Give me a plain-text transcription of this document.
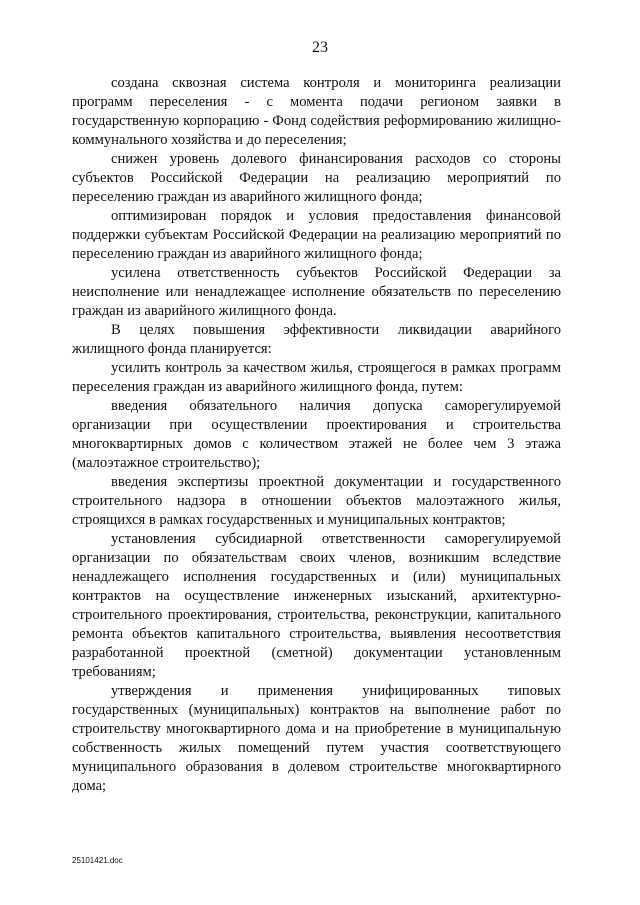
23

создана сквозная система контроля и мониторинга реализации программ переселения - с момента подачи регионом заявки в государственную корпорацию - Фонд содействия реформированию жилищно-коммунального хозяйства и до переселения;

снижен уровень долевого финансирования расходов со стороны субъектов Российской Федерации на реализацию мероприятий по переселению граждан из аварийного жилищного фонда;

оптимизирован порядок и условия предоставления финансовой поддержки субъектам Российской Федерации на реализацию мероприятий по переселению граждан из аварийного жилищного фонда;

усилена ответственность субъектов Российской Федерации за неисполнение или ненадлежащее исполнение обязательств по переселению граждан из аварийного жилищного фонда.

В целях повышения эффективности ликвидации аварийного жилищного фонда планируется:

усилить контроль за качеством жилья, строящегося в рамках программ переселения граждан из аварийного жилищного фонда, путем:

введения обязательного наличия допуска саморегулируемой организации при осуществлении проектирования и строительства многоквартирных домов с количеством этажей не более чем 3 этажа (малоэтажное строительство);

введения экспертизы проектной документации и государственного строительного надзора в отношении объектов малоэтажного жилья, строящихся в рамках государственных и муниципальных контрактов;

установления субсидиарной ответственности саморегулируемой организации по обязательствам своих членов, возникшим вследствие ненадлежащего исполнения государственных и (или) муниципальных контрактов на осуществление инженерных изысканий, архитектурно-строительного проектирования, строительства, реконструкции, капитального ремонта объектов капитального строительства, выявления несоответствия разработанной проектной (сметной) документации установленным требованиям;

утверждения и применения унифицированных типовых государственных (муниципальных) контрактов на выполнение работ по строительству многоквартирного дома и на приобретение в муниципальную собственность жилых помещений путем участия соответствующего муниципального образования в долевом строительстве многоквартирного дома;

25101421.doc
